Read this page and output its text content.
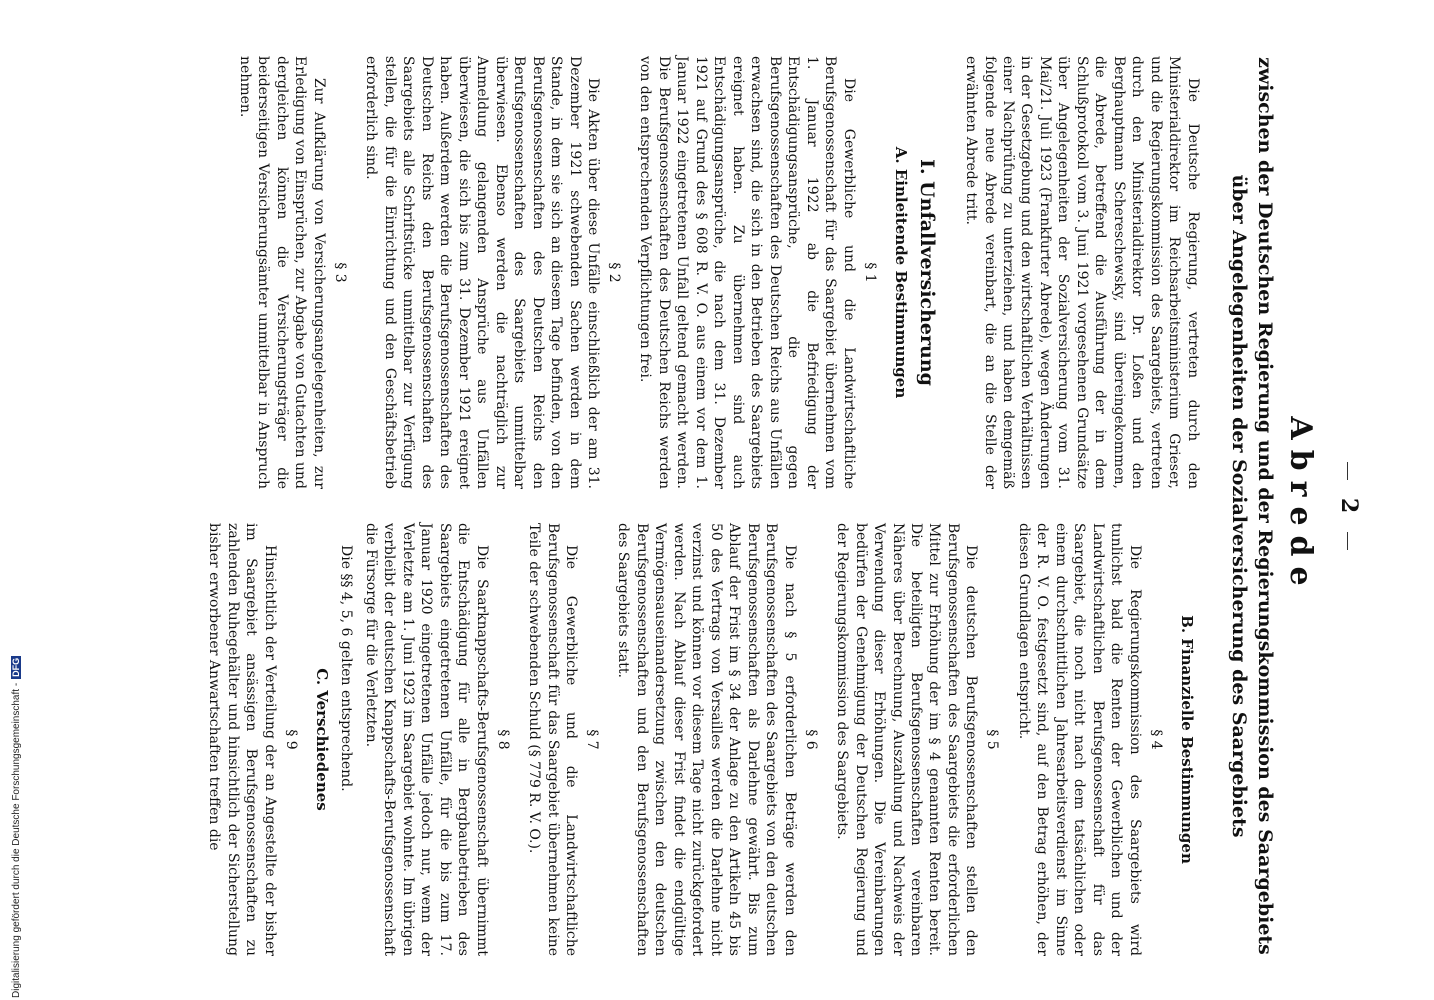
2
Abrede
zwischen der Deutschen Regierung und der Regierungskommission des Saargebiets
über Angelegenheiten der Sozialversicherung des Saargebiets

Die Deutsche Regierung, vertreten durch den Ministerialdirektor im Reichsarbeitsministerium Grieser, und die Regierungskommission des Saargebiets, vertreten durch den Ministerialdirektor Dr. Loßen und den Berghauptmann Schereschewsky, sind übereingekommen, die Abrede, betreffend die Ausführung der in dem Schlußprotokoll vom 3. Juni 1921 vorgesehenen Grundsätze über Angelegenheiten der Sozialversicherung vom 31. Mai/21. Juli 1923 (Frankfurter Abrede), wegen Änderungen in der Gesetzgebung und den wirtschaftlichen Verhältnissen einer Nachprüfung zu unterziehen, und haben demgemäß folgende neue Abrede vereinbart, die an die Stelle der erwähnten Abrede tritt.

I. Unfallversicherung
A. Einleitende Bestimmungen
§ 1

Die Gewerbliche und die Landwirtschaftliche Berufsgenossenschaft für das Saargebiet übernehmen vom 1. Januar 1922 ab die Befriedigung der Entschädigungsansprüche, die gegen Berufsgenossenschaften des Deutschen Reichs aus Unfällen erwachsen sind, die sich in den Betrieben des Saargebiets ereignet haben. Zu übernehmen sind auch Entschädigungsansprüche, die nach dem 31. Dezember 1921 auf Grund des § 608 R. V. O. aus einem vor dem 1. Januar 1922 eingetretenen Unfall geltend gemacht werden. Die Berufsgenossenschaften des Deutschen Reichs werden von den entsprechenden Verpflichtungen frei.

§ 2

Die Akten über diese Unfälle einschließlich der am 31. Dezember 1921 schwebenden Sachen werden in dem Stande, in dem sie sich an diesem Tage befinden, von den Berufsgenossenschaften des Deutschen Reichs den Berufsgenossenschaften des Saargebiets unmittelbar überwiesen. Ebenso werden die nachträglich zur Anmeldung gelangenden Ansprüche aus Unfällen überwiesen, die sich bis zum 31. Dezember 1921 ereignet haben. Außerdem werden die Berufsgenossenschaften des Deutschen Reichs den Berufsgenossenschaften des Saargebiets alle Schriftstücke unmittelbar zur Verfügung stellen, die für die Einrichtung und den Geschäftsbetrieb erforderlich sind.

§ 3

Zur Aufklärung von Versicherungsangelegenheiten, zur Erledigung von Einsprüchen, zur Abgabe von Gutachten und dergleichen können die Versicherungsträger die beiderseitigen Versicherungsämter unmittelbar in Anspruch nehmen.

B. Finanzielle Bestimmungen
§ 4

Die Regierungskommission des Saargebiets wird tunlichst bald die Renten der Gewerblichen und der Landwirtschaftlichen Berufsgenossenschaft für das Saargebiet, die noch nicht nach dem tatsächlichen oder einem durchschnittlichen Jahresarbeitsverdienst im Sinne der R. V. O. festgesetzt sind, auf den Betrag erhöhen, der diesen Grundlagen entspricht.

§ 5

Die deutschen Berufsgenossenschaften stellen den Berufsgenossenschaften des Saargebiets die erforderlichen Mittel zur Erhöhung der im § 4 genannten Renten bereit. Die beteiligten Berufsgenossenschaften vereinbaren Näheres über Berechnung, Auszahlung und Nachweis der Verwendung dieser Erhöhungen. Die Vereinbarungen bedürfen der Genehmigung der Deutschen Regierung und der Regierungskommission des Saargebiets.

§ 6

Die nach § 5 erforderlichen Beträge werden den Berufsgenossenschaften des Saargebiets von den deutschen Berufsgenossenschaften als Darlehne gewährt. Bis zum Ablauf der Frist im § 34 der Anlage zu den Artikeln 45 bis 50 des Vertrags von Versailles werden die Darlehne nicht verzinst und können vor diesem Tage nicht zurückgefordert werden. Nach Ablauf dieser Frist findet die endgültige Vermögensauseinandersetzung zwischen den deutschen Berufsgenossenschaften und den Berufsgenossenschaften des Saargebiets statt.

§ 7

Die Gewerbliche und die Landwirtschaftliche Berufsgenossenschaft für das Saargebiet übernehmen keine Teile der schwebenden Schuld (§ 779 R. V. O.).

§ 8

Die Saarknappschafts-Berufsgenossenschaft übernimmt die Entschädigung für alle in Bergbaubetrieben des Saargebiets eingetretenen Unfälle, für die bis zum 17. Januar 1920 eingetretenen Unfälle jedoch nur, wenn der Verletzte am 1. Juni 1923 im Saargebiet wohnte. Im übrigen verbleibt der deutschen Knappschafts-Berufsgenossenschaft die Fürsorge für die Verletzten.

Die §§ 4, 5, 6 gelten entsprechend.

C. Verschiedenes
§ 9

Hinsichtlich der Verteilung der an Angestellte der bisher im Saargebiet ansässigen Berufsgenossenschaften zu zahlenden Ruhegehälter und hinsichtlich der Sicherstellung bisher erworbener Anwartschaften treffen die

Digitalisierung gefördert durch die Deutsche Forschungsgemeinschaft -DFG
